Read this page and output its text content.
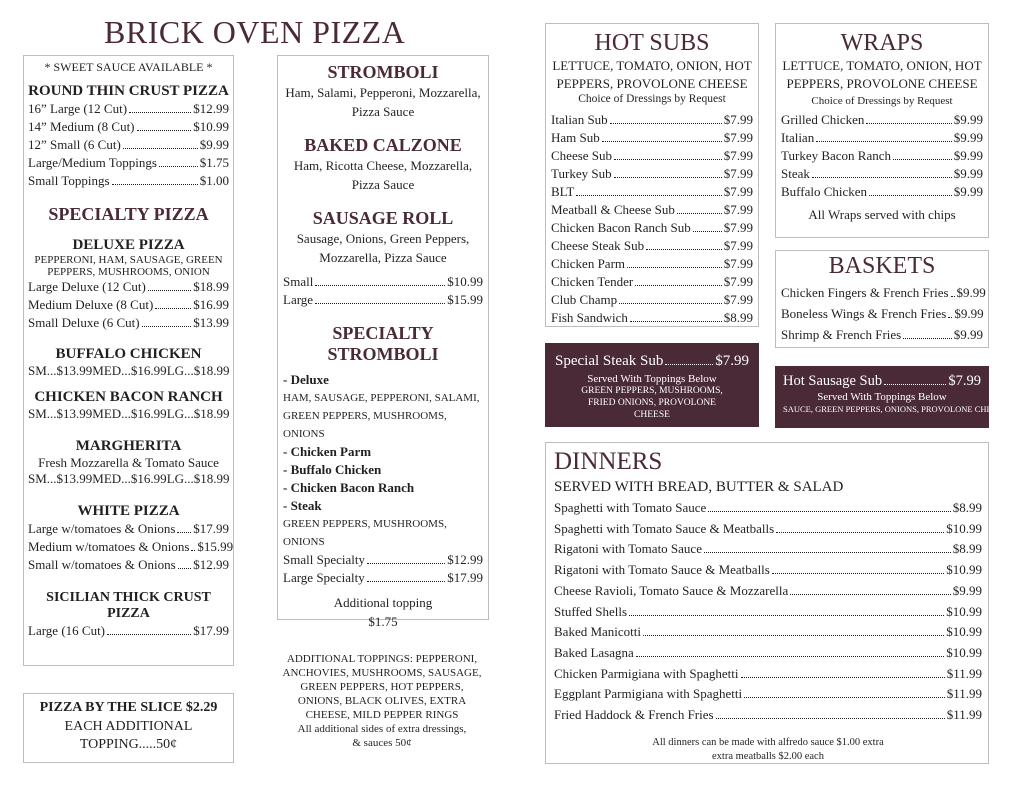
BRICK OVEN PIZZA
* SWEET SAUCE AVAILABLE *
ROUND THIN CRUST PIZZA
16” Large (12 Cut)	$12.99
14” Medium (8 Cut)	$10.99
12” Small (6 Cut)	$9.99
Large/Medium Toppings	$1.75
Small Toppings	$1.00
SPECIALTY PIZZA
DELUXE PIZZA
PEPPERONI, HAM, SAUSAGE, GREEN PEPPERS, MUSHROOMS, ONION
Large Deluxe (12 Cut)	$18.99
Medium Deluxe (8 Cut)	$16.99
Small Deluxe (6 Cut)	$13.99
BUFFALO CHICKEN
SM...$13.99 MED...$16.99 LG...$18.99
CHICKEN BACON RANCH
SM...$13.99 MED...$16.99 LG...$18.99
MARGHERITA
Fresh Mozzarella & Tomato Sauce
SM...$13.99 MED...$16.99 LG...$18.99
WHITE PIZZA
Large w/tomatoes & Onions $17.99
Medium w/tomatoes & Onions $15.99
Small w/tomatoes & Onions $12.99
SICILIAN THICK CRUST PIZZA
Large (16 Cut)	$17.99
PIZZA BY THE SLICE $2.29
EACH ADDITIONAL
TOPPING.....50¢
STROMBOLI
Ham, Salami, Pepperoni, Mozzarella, Pizza Sauce
BAKED CALZONE
Ham, Ricotta Cheese, Mozzarella, Pizza Sauce
SAUSAGE ROLL
Sausage, Onions, Green Peppers, Mozzarella, Pizza Sauce
Small	$10.99
Large	$15.99
SPECIALTY STROMBOLI
- Deluxe
HAM, SAUSAGE, PEPPERONI, SALAMI,
GREEN PEPPERS, MUSHROOMS, ONIONS
- Chicken Parm
- Buffalo Chicken
- Chicken Bacon Ranch
- Steak
GREEN PEPPERS, MUSHROOMS, ONIONS
Small Specialty	$12.99
Large Specialty	$17.99
Additional topping
$1.75
ADDITIONAL TOPPINGS: PEPPERONI, ANCHOVIES, MUSHROOMS, SAUSAGE, GREEN PEPPERS, HOT PEPPERS, ONIONS, BLACK OLIVES, EXTRA CHEESE, MILD PEPPER RINGS
All additional sides of extra dressings,
& sauces 50¢
HOT SUBS
LETTUCE, TOMATO, ONION, HOT PEPPERS, PROVOLONE CHEESE
Choice of Dressings by Request
Italian Sub	$7.99
Ham Sub	$7.99
Cheese Sub	$7.99
Turkey Sub	$7.99
BLT	$7.99
Meatball & Cheese Sub	$7.99
Chicken Bacon Ranch Sub	$7.99
Cheese Steak Sub	$7.99
Chicken Parm	$7.99
Chicken Tender	$7.99
Club Champ	$7.99
Fish Sandwich	$8.99
WRAPS
LETTUCE, TOMATO, ONION, HOT PEPPERS, PROVOLONE CHEESE
Choice of Dressings by Request
Grilled Chicken	$9.99
Italian	$9.99
Turkey Bacon Ranch	$9.99
Steak	$9.99
Buffalo Chicken	$9.99
All Wraps served with chips
BASKETS
Chicken Fingers & French Fries $9.99
Boneless Wings & French Fries $9.99
Shrimp & French Fries	$9.99
Special Steak Sub	$7.99
Served With Toppings Below
GREEN PEPPERS, MUSHROOMS, FRIED ONIONS, PROVOLONE CHEESE
Hot Sausage Sub	$7.99
Served With Toppings Below
SAUCE, GREEN PEPPERS, ONIONS, PROVOLONE CHEESE
DINNERS
SERVED WITH BREAD, BUTTER & SALAD
Spaghetti with Tomato Sauce	$8.99
Spaghetti with Tomato Sauce & Meatballs	$10.99
Rigatoni with Tomato Sauce	$8.99
Rigatoni with Tomato Sauce & Meatballs	$10.99
Cheese Ravioli, Tomato Sauce & Mozzarella	$9.99
Stuffed Shells	$10.99
Baked Manicotti	$10.99
Baked Lasagna	$10.99
Chicken Parmigiana with Spaghetti	$11.99
Eggplant Parmigiana with Spaghetti	$11.99
Fried Haddock & French Fries	$11.99
All dinners can be made with alfredo sauce $1.00 extra
extra meatballs $2.00 each
